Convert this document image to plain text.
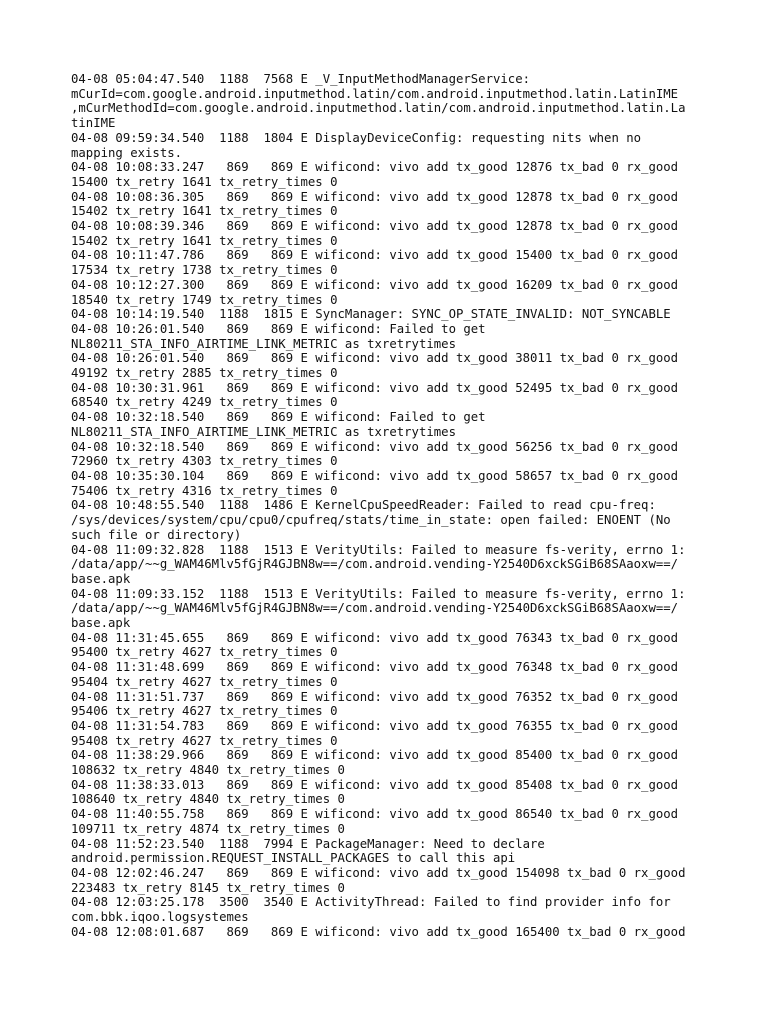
04-08 05:04:47.540  1188  7568 E _V_InputMethodManagerService:
mCurId=com.google.android.inputmethod.latin/com.android.inputmethod.latin.LatinIME
,mCurMethodId=com.google.android.inputmethod.latin/com.android.inputmethod.latin.La
tinIME
04-08 09:59:34.540  1188  1804 E DisplayDeviceConfig: requesting nits when no
mapping exists.
04-08 10:08:33.247   869   869 E wificond: vivo add tx_good 12876 tx_bad 0 rx_good
15400 tx_retry 1641 tx_retry_times 0
04-08 10:08:36.305   869   869 E wificond: vivo add tx_good 12878 tx_bad 0 rx_good
15402 tx_retry 1641 tx_retry_times 0
04-08 10:08:39.346   869   869 E wificond: vivo add tx_good 12878 tx_bad 0 rx_good
15402 tx_retry 1641 tx_retry_times 0
04-08 10:11:47.786   869   869 E wificond: vivo add tx_good 15400 tx_bad 0 rx_good
17534 tx_retry 1738 tx_retry_times 0
04-08 10:12:27.300   869   869 E wificond: vivo add tx_good 16209 tx_bad 0 rx_good
18540 tx_retry 1749 tx_retry_times 0
04-08 10:14:19.540  1188  1815 E SyncManager: SYNC_OP_STATE_INVALID: NOT_SYNCABLE
04-08 10:26:01.540   869   869 E wificond: Failed to get
NL80211_STA_INFO_AIRTIME_LINK_METRIC as txretrytimes
04-08 10:26:01.540   869   869 E wificond: vivo add tx_good 38011 tx_bad 0 rx_good
49192 tx_retry 2885 tx_retry_times 0
04-08 10:30:31.961   869   869 E wificond: vivo add tx_good 52495 tx_bad 0 rx_good
68540 tx_retry 4249 tx_retry_times 0
04-08 10:32:18.540   869   869 E wificond: Failed to get
NL80211_STA_INFO_AIRTIME_LINK_METRIC as txretrytimes
04-08 10:32:18.540   869   869 E wificond: vivo add tx_good 56256 tx_bad 0 rx_good
72960 tx_retry 4303 tx_retry_times 0
04-08 10:35:30.104   869   869 E wificond: vivo add tx_good 58657 tx_bad 0 rx_good
75406 tx_retry 4316 tx_retry_times 0
04-08 10:48:55.540  1188  1486 E KernelCpuSpeedReader: Failed to read cpu-freq:
/sys/devices/system/cpu/cpu0/cpufreq/stats/time_in_state: open failed: ENOENT (No
such file or directory)
04-08 11:09:32.828  1188  1513 E VerityUtils: Failed to measure fs-verity, errno 1:
/data/app/~~g_WAM46Mlv5fGjR4GJBN8w==/com.android.vending-Y2540D6xckSGiB68SAaoxw==/
base.apk
04-08 11:09:33.152  1188  1513 E VerityUtils: Failed to measure fs-verity, errno 1:
/data/app/~~g_WAM46Mlv5fGjR4GJBN8w==/com.android.vending-Y2540D6xckSGiB68SAaoxw==/
base.apk
04-08 11:31:45.655   869   869 E wificond: vivo add tx_good 76343 tx_bad 0 rx_good
95400 tx_retry 4627 tx_retry_times 0
04-08 11:31:48.699   869   869 E wificond: vivo add tx_good 76348 tx_bad 0 rx_good
95404 tx_retry 4627 tx_retry_times 0
04-08 11:31:51.737   869   869 E wificond: vivo add tx_good 76352 tx_bad 0 rx_good
95406 tx_retry 4627 tx_retry_times 0
04-08 11:31:54.783   869   869 E wificond: vivo add tx_good 76355 tx_bad 0 rx_good
95408 tx_retry 4627 tx_retry_times 0
04-08 11:38:29.966   869   869 E wificond: vivo add tx_good 85400 tx_bad 0 rx_good
108632 tx_retry 4840 tx_retry_times 0
04-08 11:38:33.013   869   869 E wificond: vivo add tx_good 85408 tx_bad 0 rx_good
108640 tx_retry 4840 tx_retry_times 0
04-08 11:40:55.758   869   869 E wificond: vivo add tx_good 86540 tx_bad 0 rx_good
109711 tx_retry 4874 tx_retry_times 0
04-08 11:52:23.540  1188  7994 E PackageManager: Need to declare
android.permission.REQUEST_INSTALL_PACKAGES to call this api
04-08 12:02:46.247   869   869 E wificond: vivo add tx_good 154098 tx_bad 0 rx_good
223483 tx_retry 8145 tx_retry_times 0
04-08 12:03:25.178  3500  3540 E ActivityThread: Failed to find provider info for
com.bbk.iqoo.logsystemes
04-08 12:08:01.687   869   869 E wificond: vivo add tx_good 165400 tx_bad 0 rx_good
